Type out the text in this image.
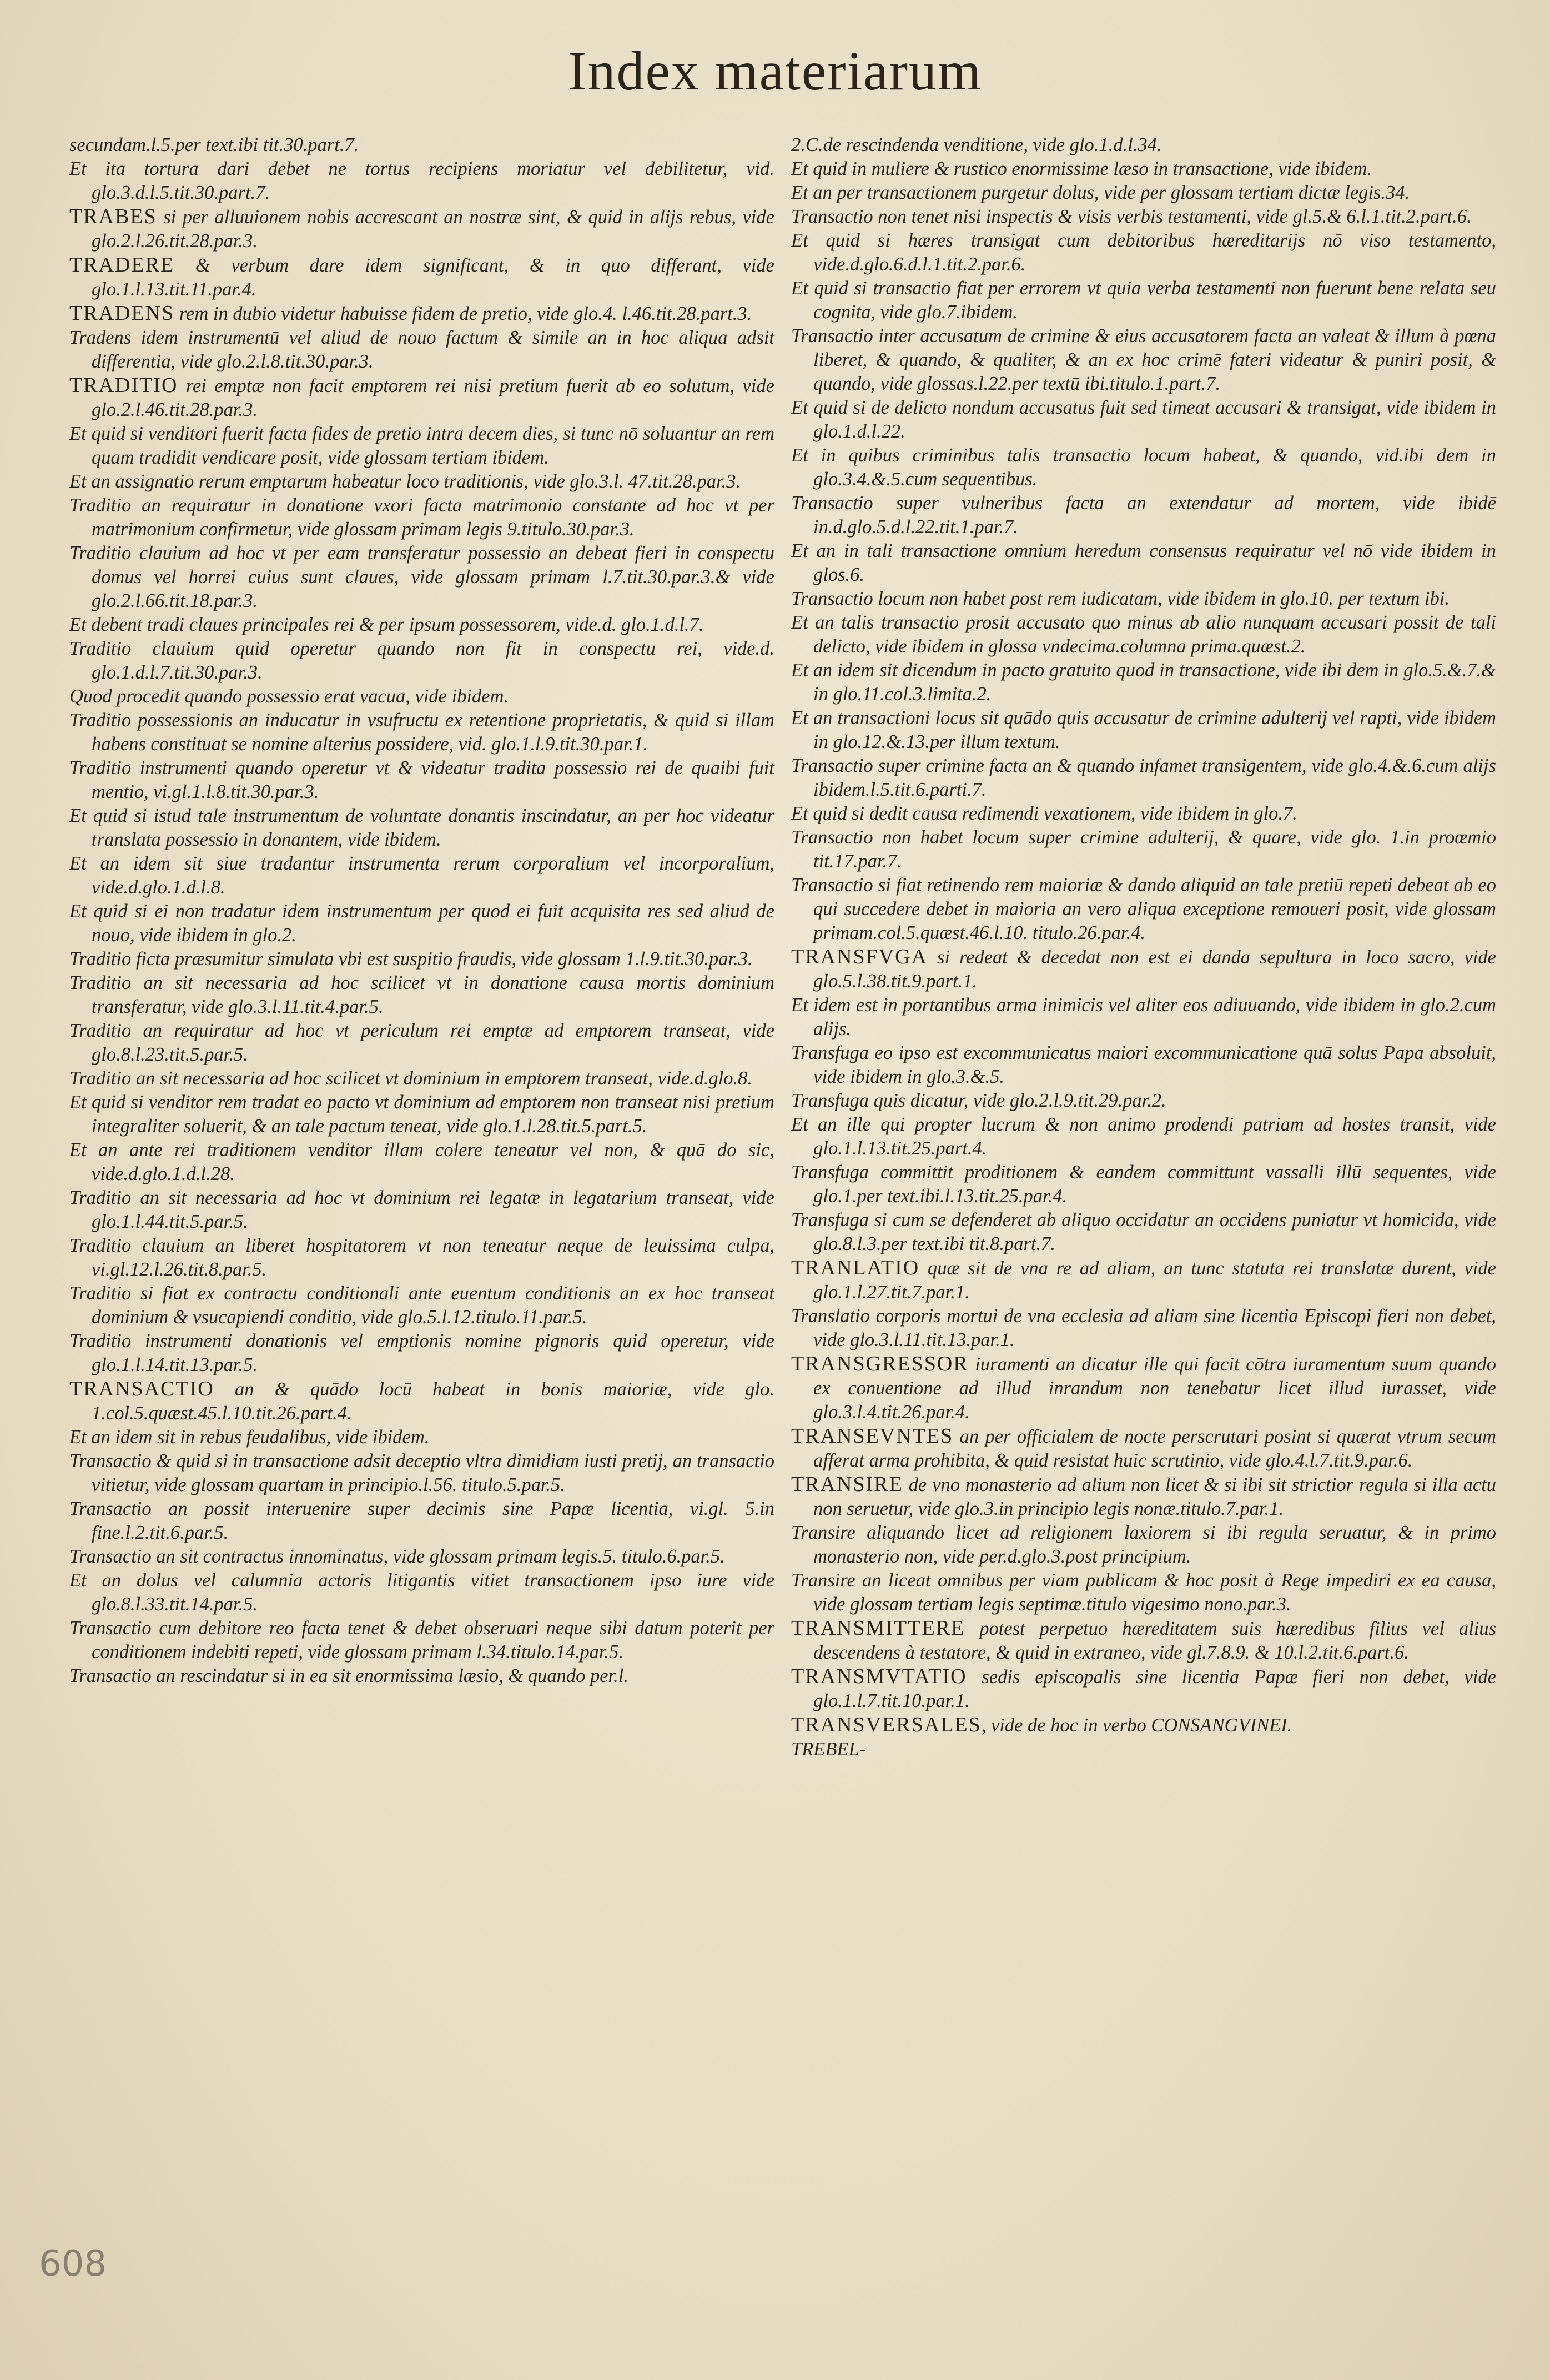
Index materiarum
secundam.l.5.per text.ibi tit.30.part.7.
Et ita tortura dari debet ne tortus recipiens moriatur vel debilitetur, vid. glo.3.d.l.5.tit.30.part.7.
TRABES si per alluuionem nobis accrescant an nostræ sint, & quid in alijs rebus, vide glo.2.l.26.tit.28.par.3.
TRADERE & verbum dare idem significant, & in quo differant, vide glo.1.l.13.tit.11.par.4.
TRADENS rem in dubio videtur habuisse fidem de pretio, vide glo.4. l.46.tit.28.part.3.
Tradens idem instrumentū vel aliud de nouo factum & simile an in hoc aliqua adsit differentia, vide glo.2.l.8.tit.30.par.3.
TRADITIO rei emptæ non facit emptorem rei nisi pretium fuerit ab eo solutum, vide glo.2.l.46.tit.28.par.3.
Et quid si venditori fuerit facta fides de pretio intra decem dies, si tunc nō soluantur an rem quam tradidit vendicare posit, vide glossam tertiam ibidem.
Et an assignatio rerum emptarum habeatur loco traditionis, vide glo.3.l. 47.tit.28.par.3.
Traditio an requiratur in donatione vxori facta matrimonio constante ad hoc vt per matrimonium confirmetur, vide glossam primam legis 9.titulo.30.par.3.
Traditio clauium ad hoc vt per eam transferatur possessio an debeat fieri in conspectu domus vel horrei cuius sunt claues, vide glossam primam l.7.tit.30.par.3.& vide glo.2.l.66.tit.18.par.3.
Et debent tradi claues principales rei & per ipsum possessorem, vide.d. glo.1.d.l.7.
Traditio clauium quid operetur quando non fit in conspectu rei, vide.d. glo.1.d.l.7.tit.30.par.3.
Quod procedit quando possessio erat vacua, vide ibidem.
Traditio possessionis an inducatur in vsufructu ex retentione proprietatis, & quid si illam habens constituat se nomine alterius possidere, vid. glo.1.l.9.tit.30.par.1.
Traditio instrumenti quando operetur vt & videatur tradita possessio rei de quaibi fuit mentio, vi.gl.1.l.8.tit.30.par.3.
Et quid si istud tale instrumentum de voluntate donantis inscindatur, an per hoc videatur translata possessio in donantem, vide ibidem.
Et an idem sit siue tradantur instrumenta rerum corporalium vel incorporalium, vide.d.glo.1.d.l.8.
Et quid si ei non tradatur idem instrumentum per quod ei fuit acquisita res sed aliud de nouo, vide ibidem in glo.2.
Traditio ficta præsumitur simulata vbi est suspitio fraudis, vide glossam 1.l.9.tit.30.par.3.
Traditio an sit necessaria ad hoc scilicet vt in donatione causa mortis dominium transferatur, vide glo.3.l.11.tit.4.par.5.
Traditio an requiratur ad hoc vt periculum rei emptæ ad emptorem transeat, vide glo.8.l.23.tit.5.par.5.
Traditio an sit necessaria ad hoc scilicet vt dominium in emptorem transeat, vide.d.glo.8.
Et quid si venditor rem tradat eo pacto vt dominium ad emptorem non transeat nisi pretium integraliter soluerit, & an tale pactum teneat, vide glo.1.l.28.tit.5.part.5.
Et an ante rei traditionem venditor illam colere teneatur vel non, & quā do sic, vide.d.glo.1.d.l.28.
Traditio an sit necessaria ad hoc vt dominium rei legatæ in legatarium transeat, vide glo.1.l.44.tit.5.par.5.
Traditio clauium an liberet hospitatorem vt non teneatur neque de leuissima culpa, vi.gl.12.l.26.tit.8.par.5.
Traditio si fiat ex contractu conditionali ante euentum conditionis an ex hoc transeat dominium & vsucapiendi conditio, vide glo.5.l.12.titulo.11.par.5.
Traditio instrumenti donationis vel emptionis nomine pignoris quid operetur, vide glo.1.l.14.tit.13.par.5.
TRANSACTIO an & quādo locū habeat in bonis maioriæ, vide glo. 1.col.5.quæst.45.l.10.tit.26.part.4.
Et an idem sit in rebus feudalibus, vide ibidem.
Transactio & quid si in transactione adsit deceptio vltra dimidiam iusti pretij, an transactio vitietur, vide glossam quartam in principio.l.56. titulo.5.par.5.
Transactio an possit interuenire super decimis sine Papæ licentia, vi.gl. 5.in fine.l.2.tit.6.par.5.
Transactio an sit contractus innominatus, vide glossam primam legis.5. titulo.6.par.5.
Et an dolus vel calumnia actoris litigantis vitiet transactionem ipso iure vide glo.8.l.33.tit.14.par.5.
Transactio cum debitore reo facta tenet & debet obseruari neque sibi datum poterit per conditionem indebiti repeti, vide glossam primam l.34.titulo.14.par.5.
Transactio an rescindatur si in ea sit enormissima læsio, & quando per.l.
2.C.de rescindenda venditione, vide glo.1.d.l.34.
Et quid in muliere & rustico enormissime læso in transactione, vide ibidem.
Et an per transactionem purgetur dolus, vide per glossam tertiam dictæ legis.34.
Transactio non tenet nisi inspectis & visis verbis testamenti, vide gl.5.& 6.l.1.tit.2.part.6.
Et quid si hæres transigat cum debitoribus hæreditarijs nō viso testamento, vide.d.glo.6.d.l.1.tit.2.par.6.
Et quid si transactio fiat per errorem vt quia verba testamenti non fuerunt bene relata seu cognita, vide glo.7.ibidem.
Transactio inter accusatum de crimine & eius accusatorem facta an valeat & illum à pœna liberet, & quando, & qualiter, & an ex hoc crimē fateri videatur & puniri posit, & quando, vide glossas.l.22.per textū ibi.titulo.1.part.7.
Et quid si de delicto nondum accusatus fuit sed timeat accusari & transigat, vide ibidem in glo.1.d.l.22.
Et in quibus criminibus talis transactio locum habeat, & quando, vid.ibi dem in glo.3.4.&.5.cum sequentibus.
Transactio super vulneribus facta an extendatur ad mortem, vide ibidē in.d.glo.5.d.l.22.tit.1.par.7.
Et an in tali transactione omnium heredum consensus requiratur vel nō vide ibidem in glos.6.
Transactio locum non habet post rem iudicatam, vide ibidem in glo.10. per textum ibi.
Et an talis transactio prosit accusato quo minus ab alio nunquam accusari possit de tali delicto, vide ibidem in glossa vndecima.columna prima.quæst.2.
Et an idem sit dicendum in pacto gratuito quod in transactione, vide ibi dem in glo.5.&.7.& in glo.11.col.3.limita.2.
Et an transactioni locus sit quādo quis accusatur de crimine adulterij vel rapti, vide ibidem in glo.12.&.13.per illum textum.
Transactio super crimine facta an & quando infamet transigentem, vide glo.4.&.6.cum alijs ibidem.l.5.tit.6.parti.7.
Et quid si dedit causa redimendi vexationem, vide ibidem in glo.7.
Transactio non habet locum super crimine adulterij, & quare, vide glo. 1.in proœmio tit.17.par.7.
Transactio si fiat retinendo rem maioriæ & dando aliquid an tale pretiū repeti debeat ab eo qui succedere debet in maioria an vero aliqua exceptione remoueri posit, vide glossam primam.col.5.quæst.46.l.10. titulo.26.par.4.
TRANSFVGA si redeat & decedat non est ei danda sepultura in loco sacro, vide glo.5.l.38.tit.9.part.1.
Et idem est in portantibus arma inimicis vel aliter eos adiuuando, vide ibidem in glo.2.cum alijs.
Transfuga eo ipso est excommunicatus maiori excommunicatione quā solus Papa absoluit, vide ibidem in glo.3.&.5.
Transfuga quis dicatur, vide glo.2.l.9.tit.29.par.2.
Et an ille qui propter lucrum & non animo prodendi patriam ad hostes transit, vide glo.1.l.13.tit.25.part.4.
Transfuga committit proditionem & eandem committunt vassalli illū sequentes, vide glo.1.per text.ibi.l.13.tit.25.par.4.
Transfuga si cum se defenderet ab aliquo occidatur an occidens puniatur vt homicida, vide glo.8.l.3.per text.ibi tit.8.part.7.
TRANLATIO quæ sit de vna re ad aliam, an tunc statuta rei translatæ durent, vide glo.1.l.27.tit.7.par.1.
Translatio corporis mortui de vna ecclesia ad aliam sine licentia Episcopi fieri non debet, vide glo.3.l.11.tit.13.par.1.
TRANSGRESSOR iuramenti an dicatur ille qui facit cōtra iuramentum suum quando ex conuentione ad illud inrandum non tenebatur licet illud iurasset, vide glo.3.l.4.tit.26.par.4.
TRANSEVNTES an per officialem de nocte perscrutari posint si quærat vtrum secum afferat arma prohibita, & quid resistat huic scrutinio, vide glo.4.l.7.tit.9.par.6.
TRANSIRE de vno monasterio ad alium non licet & si ibi sit strictior regula si illa actu non seruetur, vide glo.3.in principio legis nonæ.titulo.7.par.1.
Transire aliquando licet ad religionem laxiorem si ibi regula seruatur, & in primo monasterio non, vide per.d.glo.3.post principium.
Transire an liceat omnibus per viam publicam & hoc posit à Rege impediri ex ea causa, vide glossam tertiam legis septimæ.titulo vigesimo nono.par.3.
TRANSMITTERE potest perpetuo hæreditatem suis hæredibus filius vel alius descendens à testatore, & quid in extraneo, vide gl.7.8.9. & 10.l.2.tit.6.part.6.
TRANSMVTATIO sedis episcopalis sine licentia Papæ fieri non debet, vide glo.1.l.7.tit.10.par.1.
TRANSVERSALES, vide de hoc in verbo CONSANGVINEI.
TREBEL-
608
